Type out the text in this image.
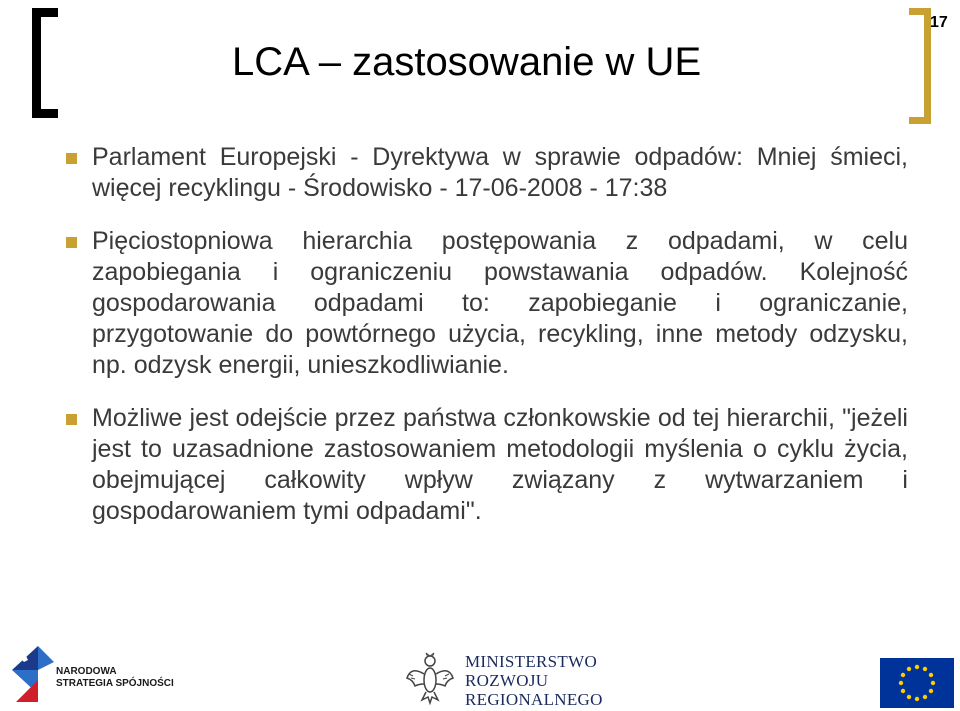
17
LCA – zastosowanie w UE
Parlament Europejski - Dyrektywa w sprawie odpadów: Mniej śmieci, więcej recyklingu - Środowisko - 17-06-2008 - 17:38
Pięciostopniowa hierarchia postępowania z odpadami, w celu zapobiegania i ograniczeniu powstawania odpadów. Kolejność gospodarowania odpadami to: zapobieganie i ograniczanie, przygotowanie do powtórnego użycia, recykling, inne metody odzysku, np. odzysk energii, unieszkodliwianie.
Możliwe jest odejście przez państwa członkowskie od tej hierarchii, "jeżeli jest to uzasadnione zastosowaniem metodologii myślenia o cyklu życia, obejmującej całkowity wpływ związany z wytwarzaniem i gospodarowaniem tymi odpadami".
NARODOWA
STRATEGIA SPÓJNOŚCI
MINISTERSTWO
ROZWOJU
REGIONALNEGO
